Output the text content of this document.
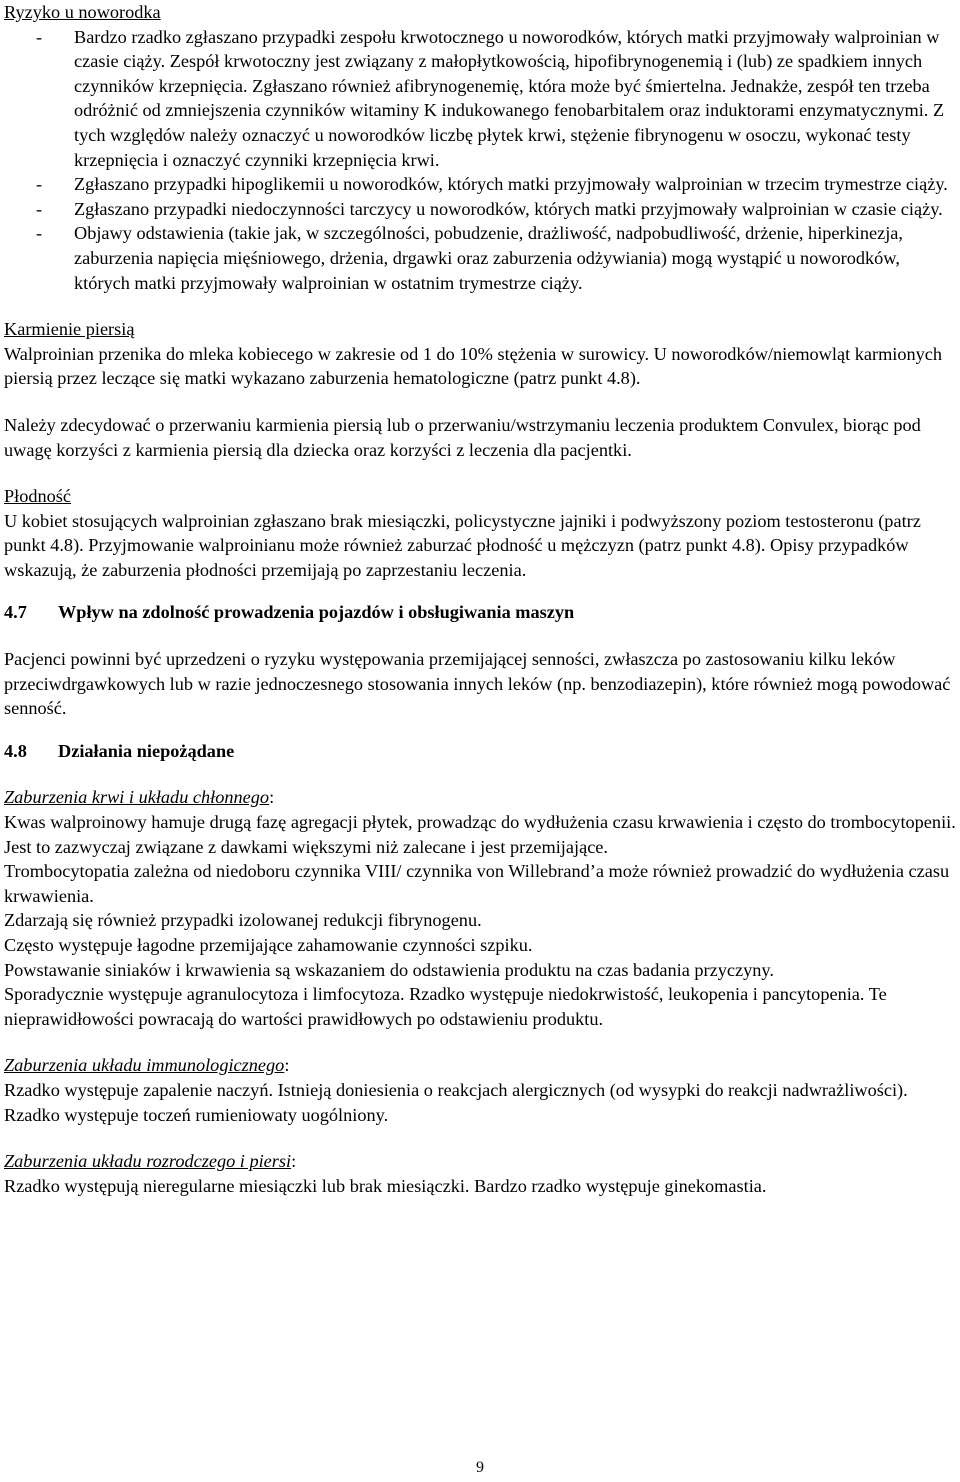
Ryzyko u noworodka

-	Bardzo rzadko zgłaszano przypadki zespołu krwotocznego u noworodków, których matki przyjmowały walproinian w czasie ciąży. Zespół krwotoczny jest związany z małopłytkowością, hipofibrynogenemią i (lub) ze spadkiem innych czynników krzepnięcia. Zgłaszano również afibrynogenemię, która może być śmiertelna. Jednakże, zespół ten trzeba odróżnić od zmniejszenia czynników witaminy K indukowanego fenobarbitalem oraz induktorami enzymatycznymi. Z tych względów należy oznaczyć u noworodków liczbę płytek krwi, stężenie fibrynogenu w osoczu, wykonać testy krzepnięcia i oznaczyć czynniki krzepnięcia krwi.

-	Zgłaszano przypadki hipoglikemii u noworodków, których matki przyjmowały walproinian w trzecim trymestrze ciąży.

-	Zgłaszano przypadki niedoczynności tarczycy u noworodków, których matki przyjmowały walproinian w czasie ciąży.

-	Objawy odstawienia (takie jak, w szczególności, pobudzenie, drażliwość, nadpobudliwość, drżenie, hiperkinezja, zaburzenia napięcia mięśniowego, drżenia, drgawki oraz zaburzenia odżywiania) mogą wystąpić u noworodków, których matki przyjmowały walproinian w ostatnim trymestrze ciąży.

Karmienie piersią

Walproinian przenika do mleka kobiecego w zakresie od 1 do 10% stężenia w surowicy. U noworodków/niemowląt karmionych piersią przez leczące się matki wykazano zaburzenia hematologiczne (patrz punkt 4.8).

Należy zdecydować o przerwaniu karmienia piersią lub o przerwaniu/wstrzymaniu leczenia produktem Convulex, biorąc pod uwagę korzyści z karmienia piersią dla dziecka oraz korzyści z leczenia dla pacjentki.

Płodność

U kobiet stosujących walproinian zgłaszano brak miesiączki, policystyczne jajniki i podwyższony poziom testosteronu (patrz punkt 4.8). Przyjmowanie walproinianu może również zaburzać płodność u mężczyzn (patrz punkt 4.8). Opisy przypadków wskazują, że zaburzenia płodności przemijają po zaprzestaniu leczenia.

4.7	Wpływ na zdolność prowadzenia pojazdów i obsługiwania maszyn

Pacjenci powinni być uprzedzeni o ryzyku występowania przemijającej senności, zwłaszcza po zastosowaniu kilku leków przeciwdrgawkowych lub w razie jednoczesnego stosowania innych leków (np. benzodiazepin), które również mogą powodować senność.

4.8	Działania niepożądane

Zaburzenia krwi i układu chłonnego:

Kwas walproinowy hamuje drugą fazę agregacji płytek, prowadząc do wydłużenia czasu krwawienia i często do trombocytopenii. Jest to zazwyczaj związane z dawkami większymi niż zalecane i jest przemijające.

Trombocytopatia zależna od niedoboru czynnika VIII/ czynnika von Willebrand’a może również prowadzić do wydłużenia czasu krwawienia.

Zdarzają się również przypadki izolowanej redukcji fibrynogenu.

Często występuje łagodne przemijające zahamowanie czynności szpiku.

Powstawanie siniaków i krwawienia są wskazaniem do odstawienia produktu na czas badania przyczyny.

Sporadycznie występuje agranulocytoza i limfocytoza. Rzadko występuje niedokrwistość, leukopenia i pancytopenia. Te nieprawidłowości powracają do wartości prawidłowych po odstawieniu produktu.

Zaburzenia układu immunologicznego:

Rzadko występuje zapalenie naczyń. Istnieją doniesienia o reakcjach alergicznych (od wysypki do reakcji nadwrażliwości). Rzadko występuje toczeń rumieniowaty uogólniony.

Zaburzenia układu rozrodczego i piersi:

Rzadko występują nieregularne miesiączki lub brak miesiączki. Bardzo rzadko występuje ginekomastia.

9
